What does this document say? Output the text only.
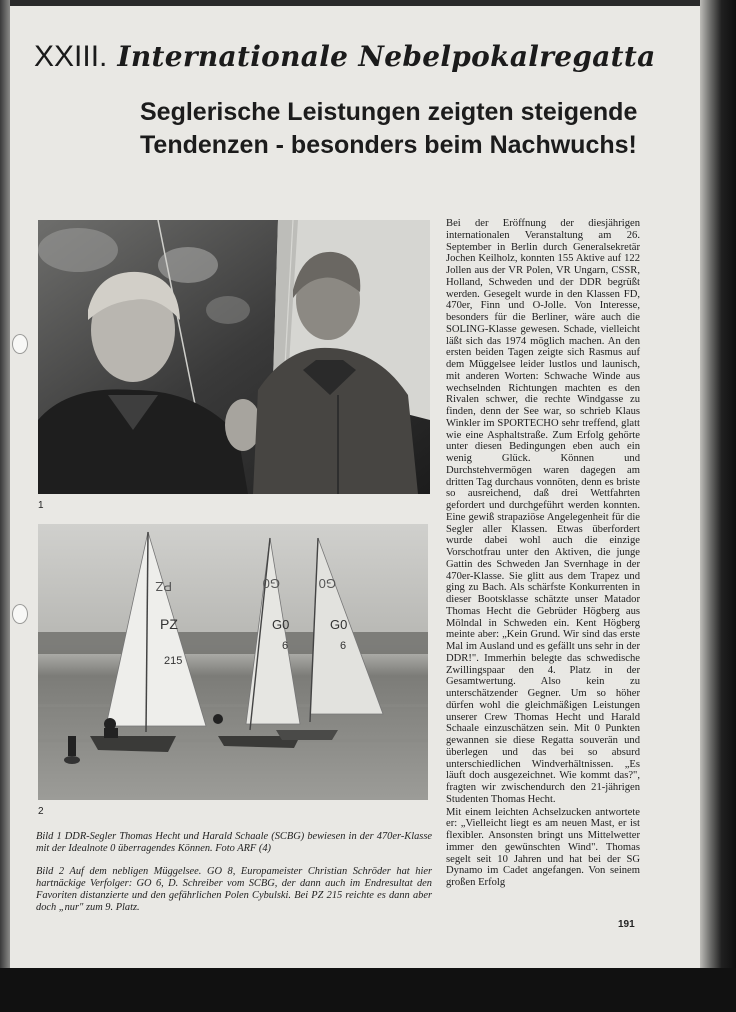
XXIII. Internationale Nebelpokalregatta
Seglerische Leistungen zeigten steigende
Tendenzen - besonders beim Nachwuchs!
1
PZ
PZ
215
G0
G0
6
G0
G0
6
2
Bild 1 DDR-Segler Thomas Hecht und Harald Schaale (SCBG) bewiesen in der 470er-Klasse mit der Idealnote 0 überragendes Können. Foto ARF (4)
Bild 2 Auf dem nebligen Müggelsee. GO 8, Europameister Christian Schröder hat hier hartnäckige Verfolger: GO 6, D. Schreiber vom SCBG, der dann auch im Endresultat den Favoriten distanzierte und den gefährlichen Polen Cybulski. Bei PZ 215 reichte es dann aber doch „nur" zum 9. Platz.
Bei der Eröffnung der diesjährigen internationalen Veranstaltung am 26. September in Berlin durch Generalsekretär Jochen Keilholz, konnten 155 Aktive auf 122 Jollen aus der VR Polen, VR Ungarn, CSSR, Holland, Schweden und der DDR begrüßt werden. Gesegelt wurde in den Klassen FD, 470er, Finn und O-Jolle. Von Interesse, besonders für die Berliner, wäre auch die SOLING-Klasse gewesen. Schade, vielleicht läßt sich das 1974 möglich machen. An den ersten beiden Tagen zeigte sich Rasmus auf dem Müggelsee leider lustlos und launisch, mit anderen Worten: Schwache Winde aus wechselnden Richtungen machten es den Rivalen schwer, die rechte Windgasse zu finden, denn der See war, so schrieb Klaus Winkler im SPORTECHO sehr treffend, glatt wie eine Asphaltstraße. Zum Erfolg gehörte unter diesen Bedingungen eben auch ein wenig Glück. Können und Durchstehvermögen waren dagegen am dritten Tag durchaus vonnöten, denn es briste so ausreichend, daß drei Wettfahrten gefordert und durchgeführt werden konnten. Eine gewiß strapaziöse Angelegenheit für die Segler aller Klassen. Etwas überfordert wurde dabei wohl auch die einzige Vorschotfrau unter den Aktiven, die junge Gattin des Schweden Jan Svernhage in der 470er-Klasse. Sie glitt aus dem Trapez und ging zu Bach. Als schärfste Konkurrenten in dieser Bootsklasse schätzte unser Matador Thomas Hecht die Gebrüder Högberg aus Mölndal in Schweden ein. Kent Högberg meinte aber: „Kein Grund. Wir sind das erste Mal im Ausland und es gefällt uns sehr in der DDR!". Immerhin belegte das schwedische Zwillingspaar den 4. Platz in der Gesamtwertung. Also kein zu unterschätzender Gegner. Um so höher dürfen wohl die gleichmäßigen Leistungen unserer Crew Thomas Hecht und Harald Schaale einzuschätzen sein. Mit 0 Punkten gewannen sie diese Regatta souverän und überlegen und das bei so absurd unterschiedlichen Windverhältnissen. „Es läuft doch ausgezeichnet. Wie kommt das?", fragten wir zwischendurch den 21-jährigen Studenten Thomas Hecht.
Mit einem leichten Achselzucken antwortete er: „Vielleicht liegt es am neuen Mast, er ist flexibler. Ansonsten bringt uns Mittelwetter immer den gewünschten Wind". Thomas segelt seit 10 Jahren und hat bei der SG Dynamo im Cadet angefangen. Von seinem großen Erfolg
191
